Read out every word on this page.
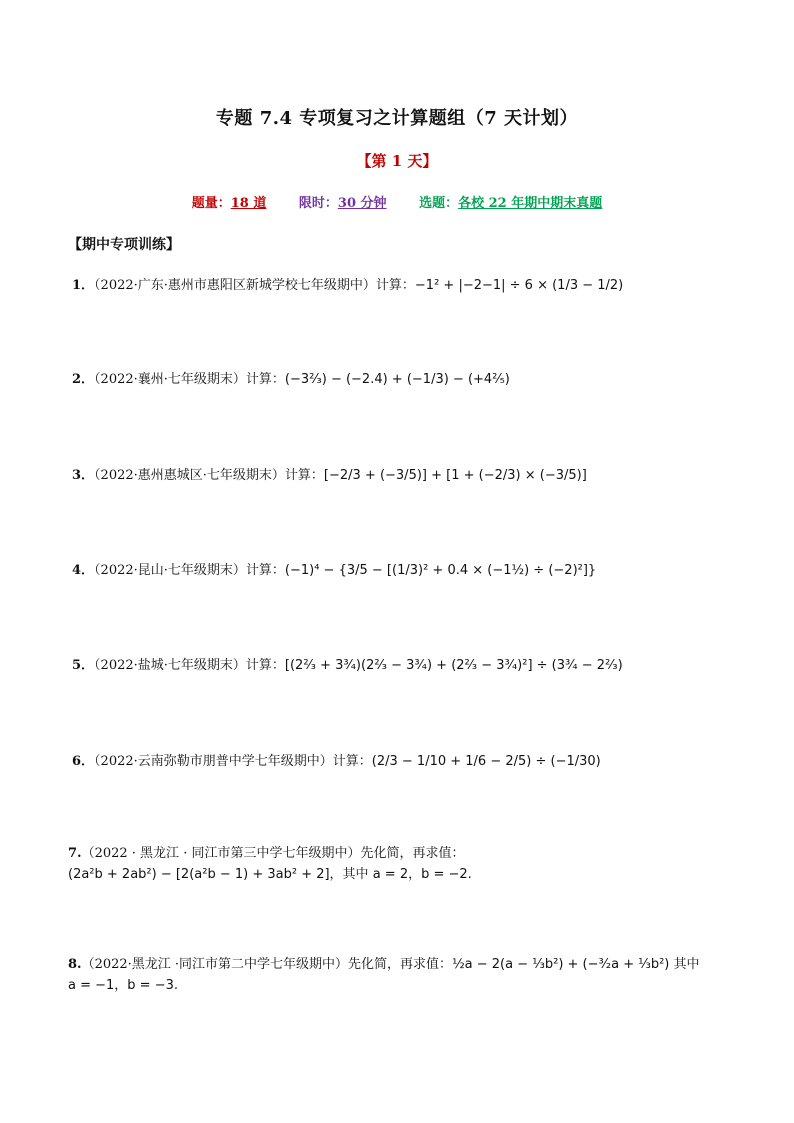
专题 7.4 专项复习之计算题组（7 天计划）
【第 1 天】
题量：18 道	限时：30 分钟	选题：各校 22 年期中期末真题
【期中专项训练】
1．（2022·广东·惠州市惠阳区新城学校七年级期中）计算：−1² + |−2−1| ÷ 6 × (1/3 − 1/2)
2．（2022·襄州·七年级期末）计算：(−3²⁄₃) − (−2.4) + (−1/3) − (+4²⁄₅)
3．（2022·惠州惠城区·七年级期末）计算：[−2/3 + (−3/5)] + [1 + (−2/3) × (−3/5)]
4．（2022·昆山·七年级期末）计算：(−1)⁴ − {3/5 − [(1/3)² + 0.4 × (−1½) ÷ (−2)²]}
5．（2022·盐城·七年级期末）计算：[(2²⁄₃ + 3³⁄₄)(2²⁄₃ − 3³⁄₄) + (2²⁄₃ − 3³⁄₄)²] ÷ (3³⁄₄ − 2²⁄₃)
6．（2022·云南弥勒市朋普中学七年级期中）计算：(2/3 − 1/10 + 1/6 − 2/5) ÷ (−1/30)
7.（2022 · 黑龙江 · 同江市第三中学七年级期中）先化简，再求值：
(2a²b + 2ab²) − [2(a²b − 1) + 3ab² + 2]，其中 a = 2，b = −2.
8.（2022·黑龙江 ·同江市第二中学七年级期中）先化简，再求值：½a − 2(a − ⅓b²) + (−³⁄₂a + ⅓b²) 其中
a = −1，b = −3.
